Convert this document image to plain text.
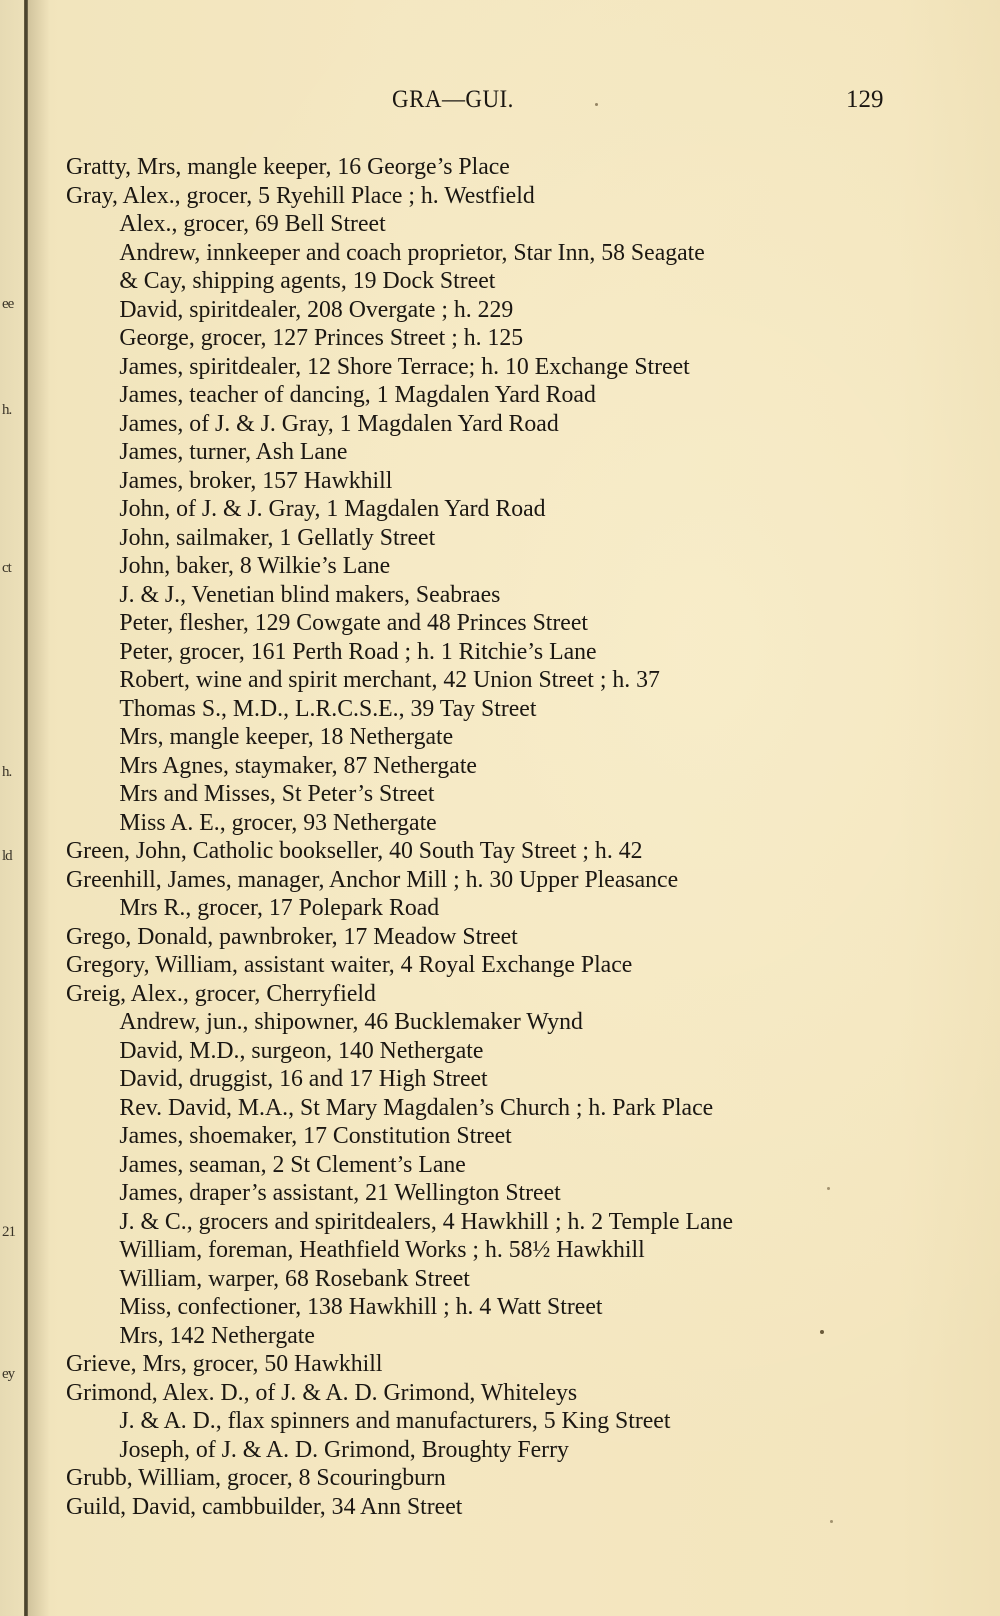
ee
h.
ct
h.
ld
21
ey
GRA—GUI.	129
Gratty, Mrs, mangle keeper, 16 George’s Place
Gray, Alex., grocer, 5 Ryehill Place ; h. Westfield
Alex., grocer, 69 Bell Street
Andrew, innkeeper and coach proprietor, Star Inn, 58 Seagate
& Cay, shipping agents, 19 Dock Street
David, spiritdealer, 208 Overgate ; h. 229
George, grocer, 127 Princes Street ; h. 125
James, spiritdealer, 12 Shore Terrace; h. 10 Exchange Street
James, teacher of dancing, 1 Magdalen Yard Road
James, of J. & J. Gray, 1 Magdalen Yard Road
James, turner, Ash Lane
James, broker, 157 Hawkhill
John, of J. & J. Gray, 1 Magdalen Yard Road
John, sailmaker, 1 Gellatly Street
John, baker, 8 Wilkie’s Lane
J. & J., Venetian blind makers, Seabraes
Peter, flesher, 129 Cowgate and 48 Princes Street
Peter, grocer, 161 Perth Road ; h. 1 Ritchie’s Lane
Robert, wine and spirit merchant, 42 Union Street ; h. 37
Thomas S., M.D., L.R.C.S.E., 39 Tay Street
Mrs, mangle keeper, 18 Nethergate
Mrs Agnes, staymaker, 87 Nethergate
Mrs and Misses, St Peter’s Street
Miss A. E., grocer, 93 Nethergate
Green, John, Catholic bookseller, 40 South Tay Street ; h. 42
Greenhill, James, manager, Anchor Mill ; h. 30 Upper Pleasance
Mrs R., grocer, 17 Polepark Road
Grego, Donald, pawnbroker, 17 Meadow Street
Gregory, William, assistant waiter, 4 Royal Exchange Place
Greig, Alex., grocer, Cherryfield
Andrew, jun., shipowner, 46 Bucklemaker Wynd
David, M.D., surgeon, 140 Nethergate
David, druggist, 16 and 17 High Street
Rev. David, M.A., St Mary Magdalen’s Church ; h. Park Place
James, shoemaker, 17 Constitution Street
James, seaman, 2 St Clement’s Lane
James, draper’s assistant, 21 Wellington Street
J. & C., grocers and spiritdealers, 4 Hawkhill ; h. 2 Temple Lane
William, foreman, Heathfield Works ; h. 58½ Hawkhill
William, warper, 68 Rosebank Street
Miss, confectioner, 138 Hawkhill ; h. 4 Watt Street
Mrs, 142 Nethergate
Grieve, Mrs, grocer, 50 Hawkhill
Grimond, Alex. D., of J. & A. D. Grimond, Whiteleys
J. & A. D., flax spinners and manufacturers, 5 King Street
Joseph, of J. & A. D. Grimond, Broughty Ferry
Grubb, William, grocer, 8 Scouringburn
Guild, David, cambbuilder, 34 Ann Street
